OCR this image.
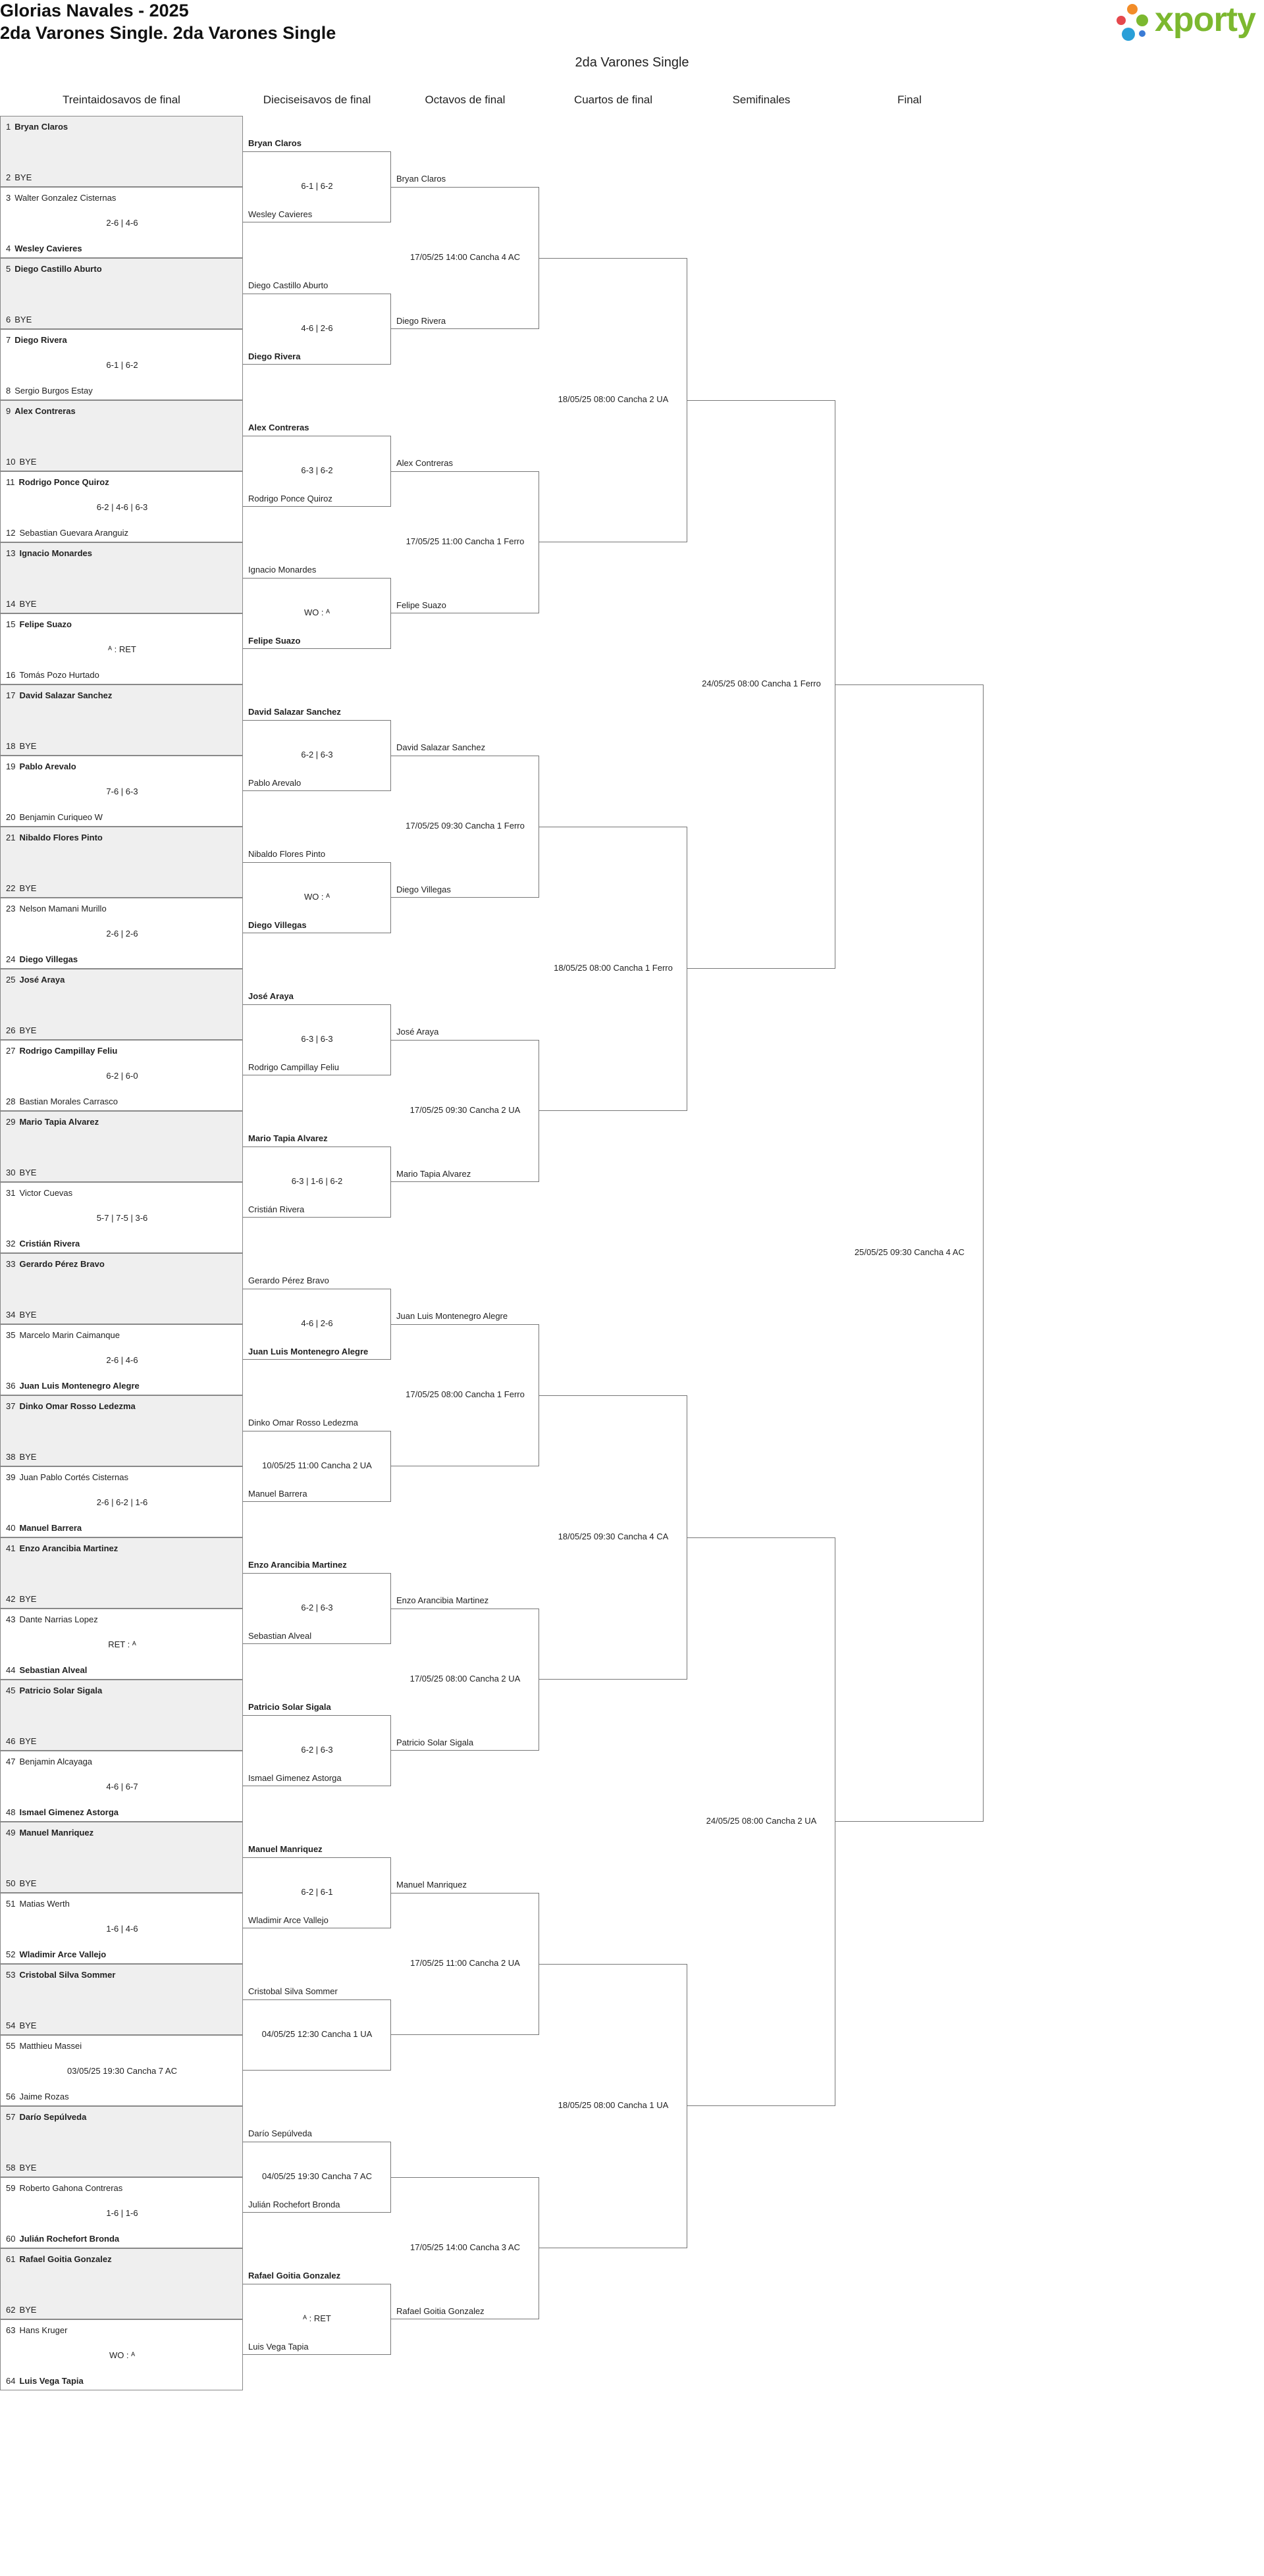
Glorias Navales - 2025
2da Varones Single. 2da Varones Single	xporty
2da Varones Single
Treintaidosavos de final	Dieciseisavos de final	Octavos de final	Cuartos de final	Semifinales	Final
1 Bryan Claros
2 BYE
3 Walter Gonzalez Cisternas
4 Wesley Cavieres
2-6 | 4-6
5 Diego Castillo Aburto
6 BYE
7 Diego Rivera
8 Sergio Burgos Estay
6-1 | 6-2
9 Alex Contreras
10 BYE
11 Rodrigo Ponce Quiroz
12 Sebastian Guevara Aranguiz
6-2 | 4-6 | 6-3
13 Ignacio Monardes
14 BYE
15 Felipe Suazo
16 Tomás Pozo Hurtado
ᴬ : RET
17 David Salazar Sanchez
18 BYE
19 Pablo Arevalo
20 Benjamin Curiqueo W
7-6 | 6-3
21 Nibaldo Flores Pinto
22 BYE
23 Nelson Mamani Murillo
24 Diego Villegas
2-6 | 2-6
25 José Araya
26 BYE
27 Rodrigo Campillay Feliu
28 Bastian Morales Carrasco
6-2 | 6-0
29 Mario Tapia Alvarez
30 BYE
31 Victor Cuevas
32 Cristián Rivera
5-7 | 7-5 | 3-6
33 Gerardo Pérez Bravo
34 BYE
35 Marcelo Marin Caimanque
36 Juan Luis Montenegro Alegre
2-6 | 4-6
37 Dinko Omar Rosso Ledezma
38 BYE
39 Juan Pablo Cortés Cisternas
40 Manuel Barrera
2-6 | 6-2 | 1-6
41 Enzo Arancibia Martinez
42 BYE
43 Dante Narrias Lopez
44 Sebastian Alveal
RET : ᴬ
45 Patricio Solar Sigala
46 BYE
47 Benjamin Alcayaga
48 Ismael Gimenez Astorga
4-6 | 6-7
49 Manuel Manriquez
50 BYE
51 Matias Werth
52 Wladimir Arce Vallejo
1-6 | 4-6
53 Cristobal Silva Sommer
54 BYE
55 Matthieu Massei
56 Jaime Rozas
03/05/25 19:30 Cancha 7 AC
57 Darío Sepúlveda
58 BYE
59 Roberto Gahona Contreras
60 Julián Rochefort Bronda
1-6 | 1-6
61 Rafael Goitia Gonzalez
62 BYE
63 Hans Kruger
64 Luis Vega Tapia
WO : ᴬ
Bryan Claros
Wesley Cavieres
6-1 | 6-2
Diego Castillo Aburto
Diego Rivera
4-6 | 2-6
Alex Contreras
Rodrigo Ponce Quiroz
6-3 | 6-2
Ignacio Monardes
Felipe Suazo
WO : ᴬ
David Salazar Sanchez
Pablo Arevalo
6-2 | 6-3
Nibaldo Flores Pinto
Diego Villegas
WO : ᴬ
José Araya
Rodrigo Campillay Feliu
6-3 | 6-3
Mario Tapia Alvarez
Cristián Rivera
6-3 | 1-6 | 6-2
Gerardo Pérez Bravo
Juan Luis Montenegro Alegre
4-6 | 2-6
Dinko Omar Rosso Ledezma
Manuel Barrera
10/05/25 11:00 Cancha 2 UA
Enzo Arancibia Martinez
Sebastian Alveal
6-2 | 6-3
Patricio Solar Sigala
Ismael Gimenez Astorga
6-2 | 6-3
Manuel Manriquez
Wladimir Arce Vallejo
6-2 | 6-1
Cristobal Silva Sommer
04/05/25 12:30 Cancha 1 UA
Darío Sepúlveda
Julián Rochefort Bronda
04/05/25 19:30 Cancha 7 AC
Rafael Goitia Gonzalez
Luis Vega Tapia
ᴬ : RET
Bryan Claros
Diego Rivera
17/05/25 14:00 Cancha 4 AC
Alex Contreras
Felipe Suazo
17/05/25 11:00 Cancha 1 Ferro
David Salazar Sanchez
Diego Villegas
17/05/25 09:30 Cancha 1 Ferro
José Araya
Mario Tapia Alvarez
17/05/25 09:30 Cancha 2 UA
Juan Luis Montenegro Alegre
17/05/25 08:00 Cancha 1 Ferro
Enzo Arancibia Martinez
Patricio Solar Sigala
17/05/25 08:00 Cancha 2 UA
Manuel Manriquez
17/05/25 11:00 Cancha 2 UA
Rafael Goitia Gonzalez
17/05/25 14:00 Cancha 3 AC
18/05/25 08:00 Cancha 2 UA
18/05/25 08:00 Cancha 1 Ferro
18/05/25 09:30 Cancha 4 CA
18/05/25 08:00 Cancha 1 UA
24/05/25 08:00 Cancha 1 Ferro
24/05/25 08:00 Cancha 2 UA
25/05/25 09:30 Cancha 4 AC
